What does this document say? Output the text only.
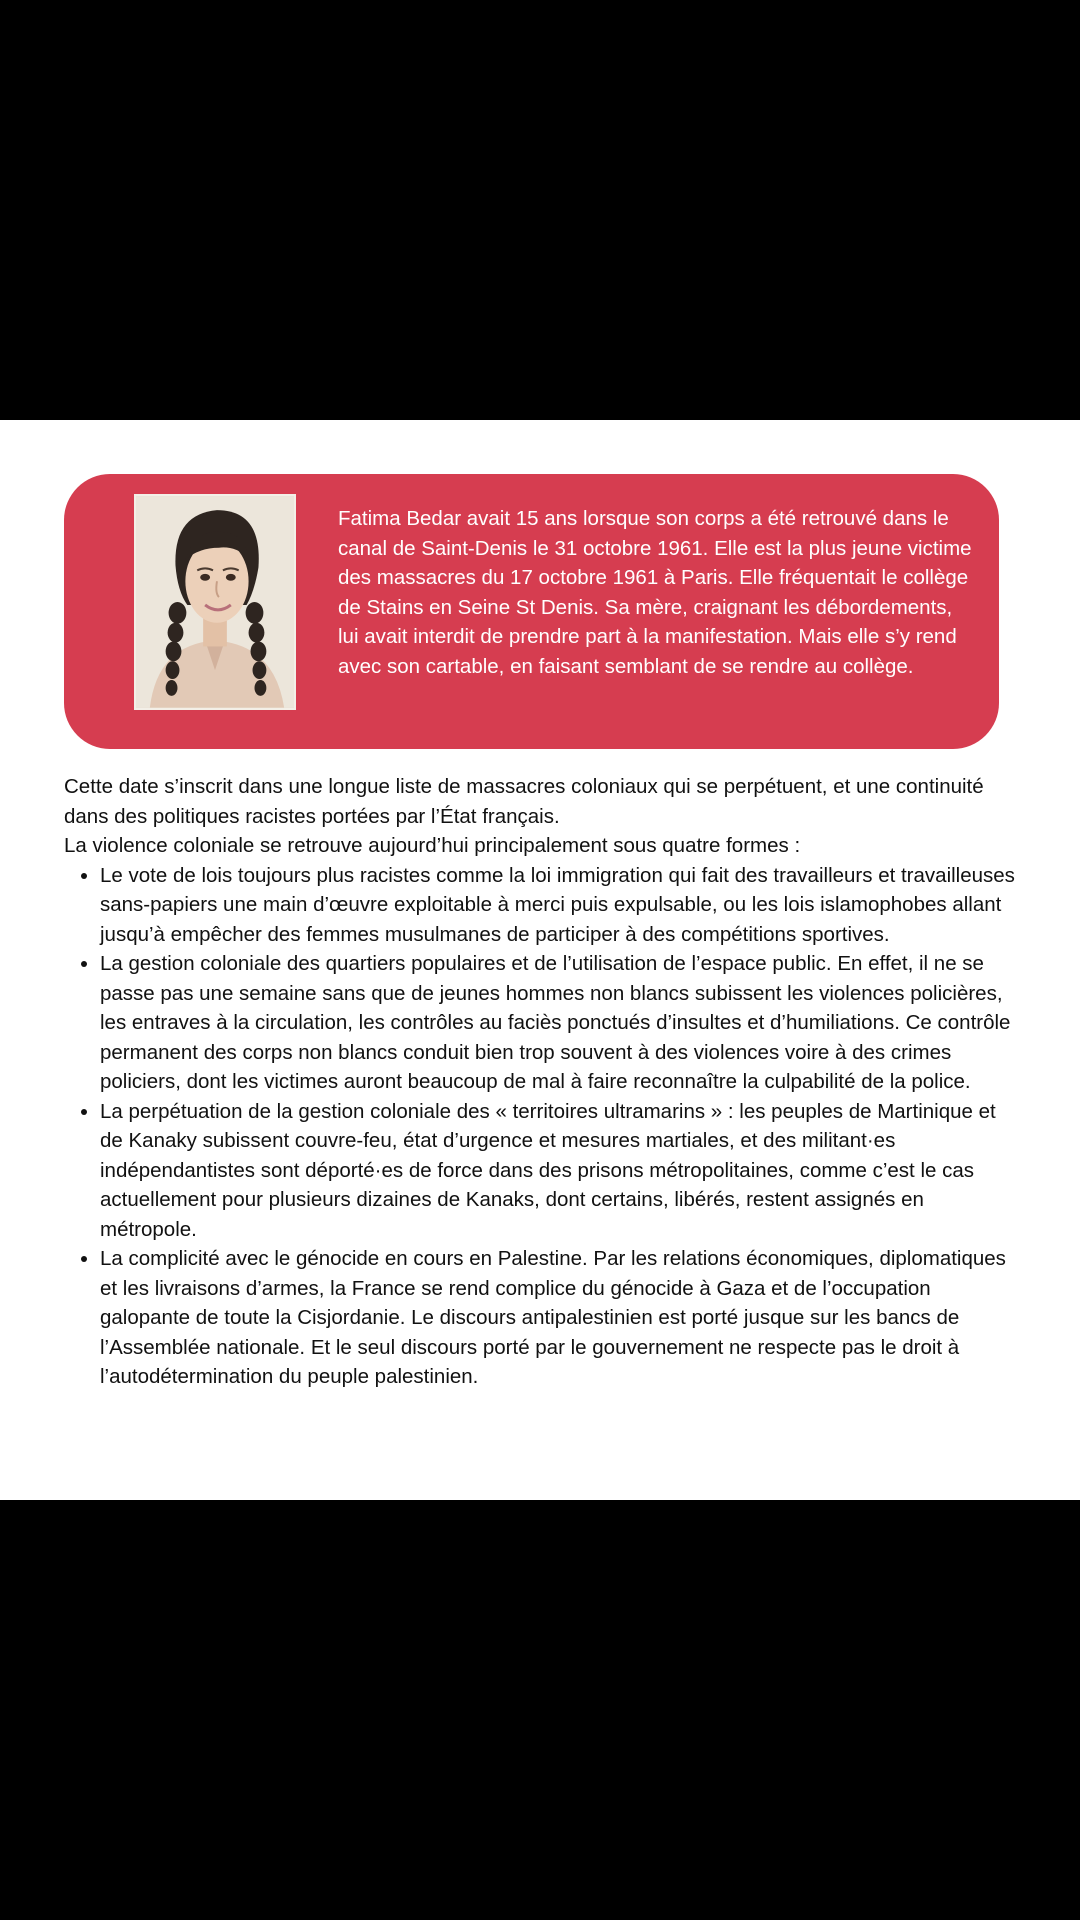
Fatima Bedar avait 15 ans lorsque son corps a été retrouvé dans le canal de Saint-Denis le 31 octobre 1961. Elle est la plus jeune victime des massacres du 17 octobre 1961 à Paris. Elle fréquentait le collège de Stains en Seine St Denis. Sa mère, craignant les débordements, lui avait interdit de prendre part à la manifestation. Mais elle s’y rend avec son cartable, en faisant semblant de se rendre au collège.

Cette date s’inscrit dans une longue liste de massacres coloniaux qui se perpétuent, et une continuité dans des politiques racistes portées par l’État français.

La violence coloniale se retrouve aujourd’hui principalement sous quatre formes :

• Le vote de lois toujours plus racistes comme la loi immigration qui fait des travailleurs et travailleuses sans-papiers une main d’œuvre exploitable à merci puis expulsable, ou les lois islamophobes allant jusqu’à empêcher des femmes musulmanes de participer à des compétitions sportives.
• La gestion coloniale des quartiers populaires et de l’utilisation de l’espace public. En effet, il ne se passe pas une semaine sans que de jeunes hommes non blancs subissent les violences policières, les entraves à la circulation, les contrôles au faciès ponctués d’insultes et d’humiliations. Ce contrôle permanent des corps non blancs conduit bien trop souvent à des violences voire à des crimes policiers, dont les victimes auront beaucoup de mal à faire reconnaître la culpabilité de la police.
• La perpétuation de la gestion coloniale des « territoires ultramarins » : les peuples de Martinique et de Kanaky subissent couvre-feu, état d’urgence et mesures martiales, et des militant·es indépendantistes sont déporté·es de force dans des prisons métropolitaines, comme c’est le cas actuellement pour plusieurs dizaines de Kanaks, dont certains, libérés, restent assignés en métropole.
• La complicité avec le génocide en cours en Palestine. Par les relations économiques, diplomatiques et les livraisons d’armes, la France se rend complice du génocide à Gaza et de l’occupation galopante de toute la Cisjordanie. Le discours antipalestinien est porté jusque sur les bancs de l’Assemblée nationale. Et le seul discours porté par le gouvernement ne respecte pas le droit à l’autodétermination du peuple palestinien.
